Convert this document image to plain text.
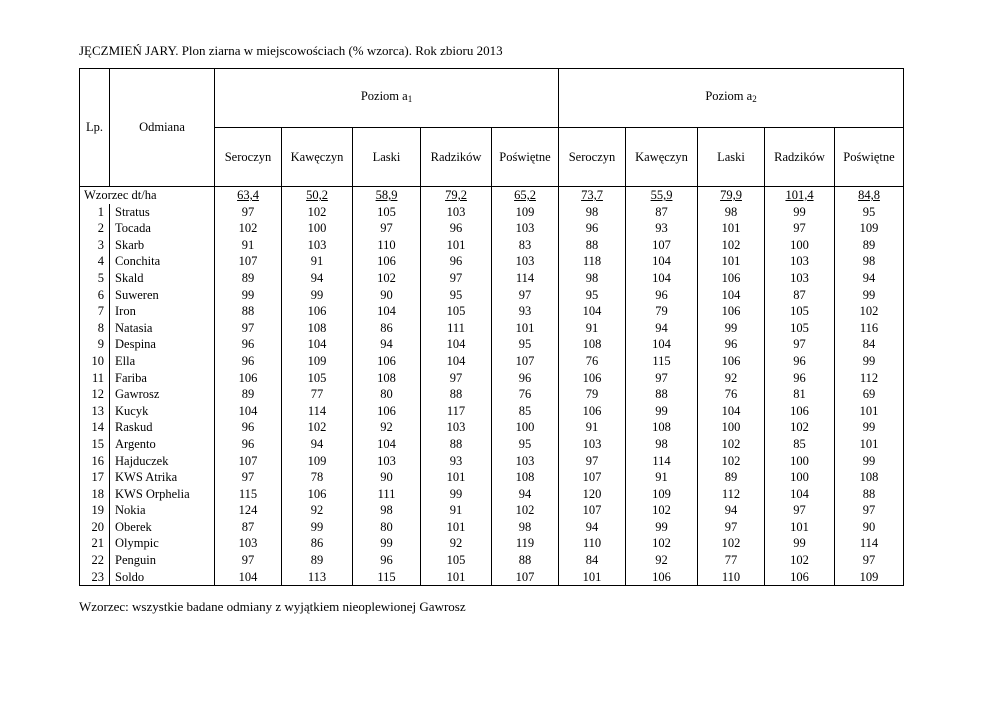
JĘCZMIEŃ JARY. Plon ziarna w miejscowościach (% wzorca). Rok zbioru 2013
Lp.	Odmiana	Poziom $a_1$					Poziom $a_2$
		Seroczyn	Kawęczyn	Laski	Radzików	Poświętne	Seroczyn	Kawęczyn	Laski	Radzików	Poświętne
Wzorzec dt/ha		63,4	50,2	58,9	79,2	65,2	73,7	55,9	79,9	101,4	84,8
1	Stratus	97	102	105	103	109	98	87	98	99	95
2	Tocada	102	100	97	96	103	96	93	101	97	109
3	Skarb	91	103	110	101	83	88	107	102	100	89
4	Conchita	107	91	106	96	103	118	104	101	103	98
5	Skald	89	94	102	97	114	98	104	106	103	94
6	Suweren	99	99	90	95	97	95	96	104	87	99
7	Iron	88	106	104	105	93	104	79	106	105	102
8	Natasia	97	108	86	111	101	91	94	99	105	116
9	Despina	96	104	94	104	95	108	104	96	97	84
10	Ella	96	109	106	104	107	76	115	106	96	99
11	Fariba	106	105	108	97	96	106	97	92	96	112
12	Gawrosz	89	77	80	88	76	79	88	76	81	69
13	Kucyk	104	114	106	117	85	106	99	104	106	101
14	Raskud	96	102	92	103	100	91	108	100	102	99
15	Argento	96	94	104	88	95	103	98	102	85	101
16	Hajduczek	107	109	103	93	103	97	114	102	100	99
17	KWS Atrika	97	78	90	101	108	107	91	89	100	108
18	KWS Orphelia	115	106	111	99	94	120	109	112	104	88
19	Nokia	124	92	98	91	102	107	102	94	97	97
20	Oberek	87	99	80	101	98	94	99	97	101	90
21	Olympic	103	86	99	92	119	110	102	102	99	114
22	Penguin	97	89	96	105	88	84	92	77	102	97
23	Soldo	104	113	115	101	107	101	106	110	106	109
Wzorzec: wszystkie badane odmiany z wyjątkiem nieoplewionej Gawrosz
